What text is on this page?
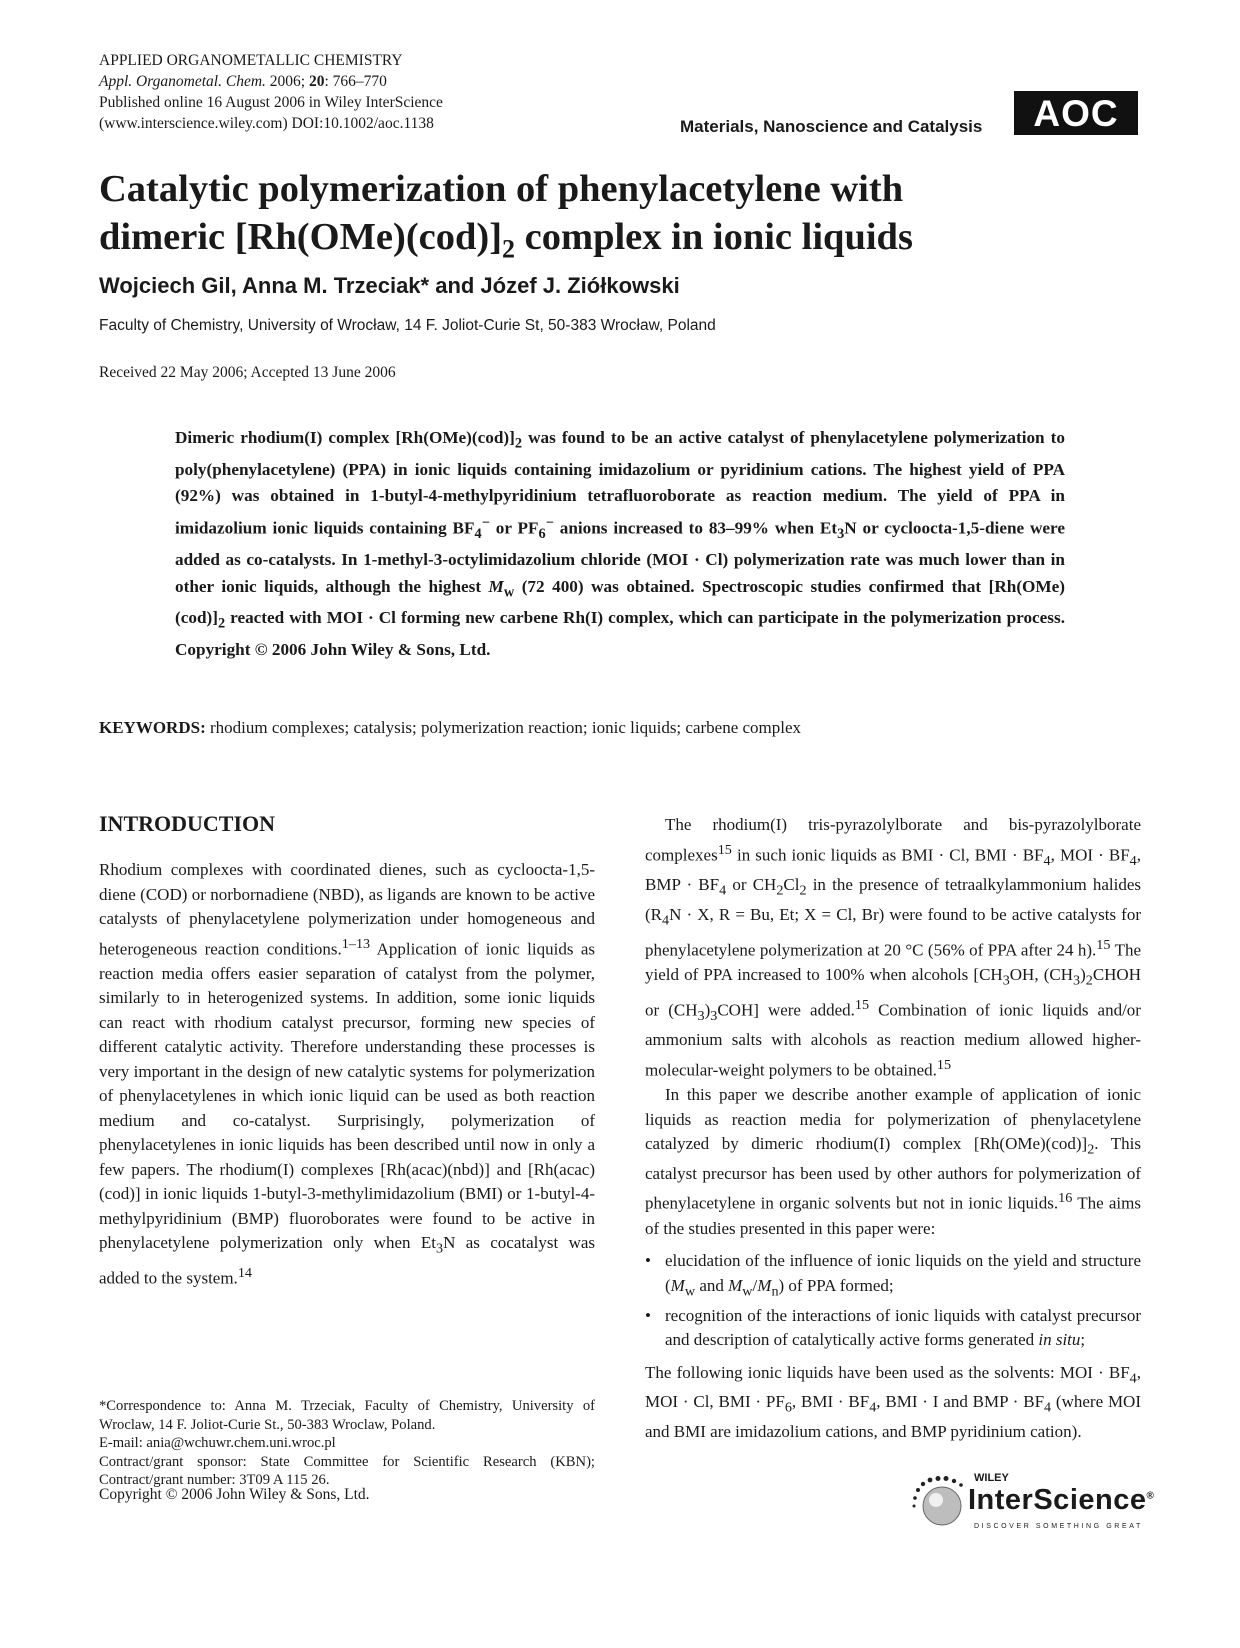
APPLIED ORGANOMETALLIC CHEMISTRY
Appl. Organometal. Chem. 2006; 20: 766–770
Published online 16 August 2006 in Wiley InterScience
(www.interscience.wiley.com) DOI:10.1002/aoc.1138	Materials, Nanoscience and Catalysis	AOC
Catalytic polymerization of phenylacetylene with
dimeric $[Rh(OMe)(cod)]_2$ complex in ionic liquids
Wojciech Gil, Anna M. Trzeciak* and Józef J. Ziółkowski
Faculty of Chemistry, University of Wrocław, 14 F. Joliot-Curie St, 50-383 Wrocław, Poland
Received 22 May 2006; Accepted 13 June 2006

Dimeric rhodium(I) complex $[Rh(OMe)(cod)]_2$ was found to be an active catalyst of phenylacetylene polymerization to poly(phenylacetylene) (PPA) in ionic liquids containing imidazolium or pyridinium cations. The highest yield of PPA (92%) was obtained in 1-butyl-4-methylpyridinium tetrafluoroborate as reaction medium. The yield of PPA in imidazolium ionic liquids containing $BF_4^-$ or $PF_6^-$ anions increased to 83–99% when $Et_3N$ or cycloocta-1,5-diene were added as co-catalysts. In 1-methyl-3-octylimidazolium chloride (MOI · Cl) polymerization rate was much lower than in other ionic liquids, although the highest $M_w$ (72 400) was obtained. Spectroscopic studies confirmed that $[Rh(OMe)(cod)]_2$ reacted with MOI · Cl forming new carbene Rh(I) complex, which can participate in the polymerization process. Copyright © 2006 John Wiley & Sons, Ltd.

KEYWORDS: rhodium complexes; catalysis; polymerization reaction; ionic liquids; carbene complex
INTRODUCTION

Rhodium complexes with coordinated dienes, such as cycloocta-1,5-diene (COD) or norbornadiene (NBD), as ligands are known to be active catalysts of phenylacetylene polymerization under homogeneous and heterogeneous reaction conditions.$^{1-13}$ Application of ionic liquids as reaction media offers easier separation of catalyst from the polymer, similarly to in heterogenized systems. In addition, some ionic liquids can react with rhodium catalyst precursor, forming new species of different catalytic activity. Therefore understanding these processes is very important in the design of new catalytic systems for polymerization of phenylacetylenes in which ionic liquid can be used as both reaction medium and co-catalyst. Surprisingly, polymerization of phenylacetylenes in ionic liquids has been described until now in only a few papers. The rhodium(I) complexes [Rh(acac)(nbd)] and [Rh(acac)(cod)] in ionic liquids 1-butyl-3-methylimidazolium (BMI) or 1-butyl-4-methylpyridinium (BMP) fluoroborates were found to be active in phenylacetylene polymerization only when $Et_3N$ as cocatalyst was added to the system.$^{14}$

The rhodium(I) tris-pyrazolylborate and bis-pyrazolylborate complexes$^{15}$ in such ionic liquids as BMI · Cl, BMI · $BF_4$, MOI · $BF_4$, BMP · $BF_4$ or $CH_2Cl_2$ in the presence of tetraalkylammonium halides ($R_4N \cdot X$, R = Bu, Et; X = Cl, Br) were found to be active catalysts for phenylacetylene polymerization at 20 °C (56% of PPA after 24 h).$^{15}$ The yield of PPA increased to 100% when alcohols [$CH_3OH$, $(CH_3)_2CHOH$ or $(CH_3)_3COH$] were added.$^{15}$ Combination of ionic liquids and/or ammonium salts with alcohols as reaction medium allowed higher-molecular-weight polymers to be obtained.$^{15}$

In this paper we describe another example of application of ionic liquids as reaction media for polymerization of phenylacetylene catalyzed by dimeric rhodium(I) complex $[Rh(OMe)(cod)]_2$. This catalyst precursor has been used by other authors for polymerization of phenylacetylene in organic solvents but not in ionic liquids.$^{16}$ The aims of the studies presented in this paper were:

• elucidation of the influence of ionic liquids on the yield and structure ($M_w$ and $M_w/M_n$) of PPA formed;
• recognition of the interactions of ionic liquids with catalyst precursor and description of catalytically active forms generated in situ;

The following ionic liquids have been used as the solvents: MOI · $BF_4$, MOI · Cl, BMI · $PF_6$, BMI · $BF_4$, BMI · I and BMP · $BF_4$ (where MOI and BMI are imidazolium cations, and BMP pyridinium cation).

*Correspondence to: Anna M. Trzeciak, Faculty of Chemistry, University of Wroclaw, 14 F. Joliot-Curie St., 50-383 Wroclaw, Poland.

E-mail: ania@wchuwr.chem.uni.wroc.pl

Contract/grant sponsor: State Committee for Scientific Research (KBN); Contract/grant number: 3T09 A 115 26.

Copyright © 2006 John Wiley & Sons, Ltd.
WILEY
InterScience®
DISCOVER SOMETHING GREAT
